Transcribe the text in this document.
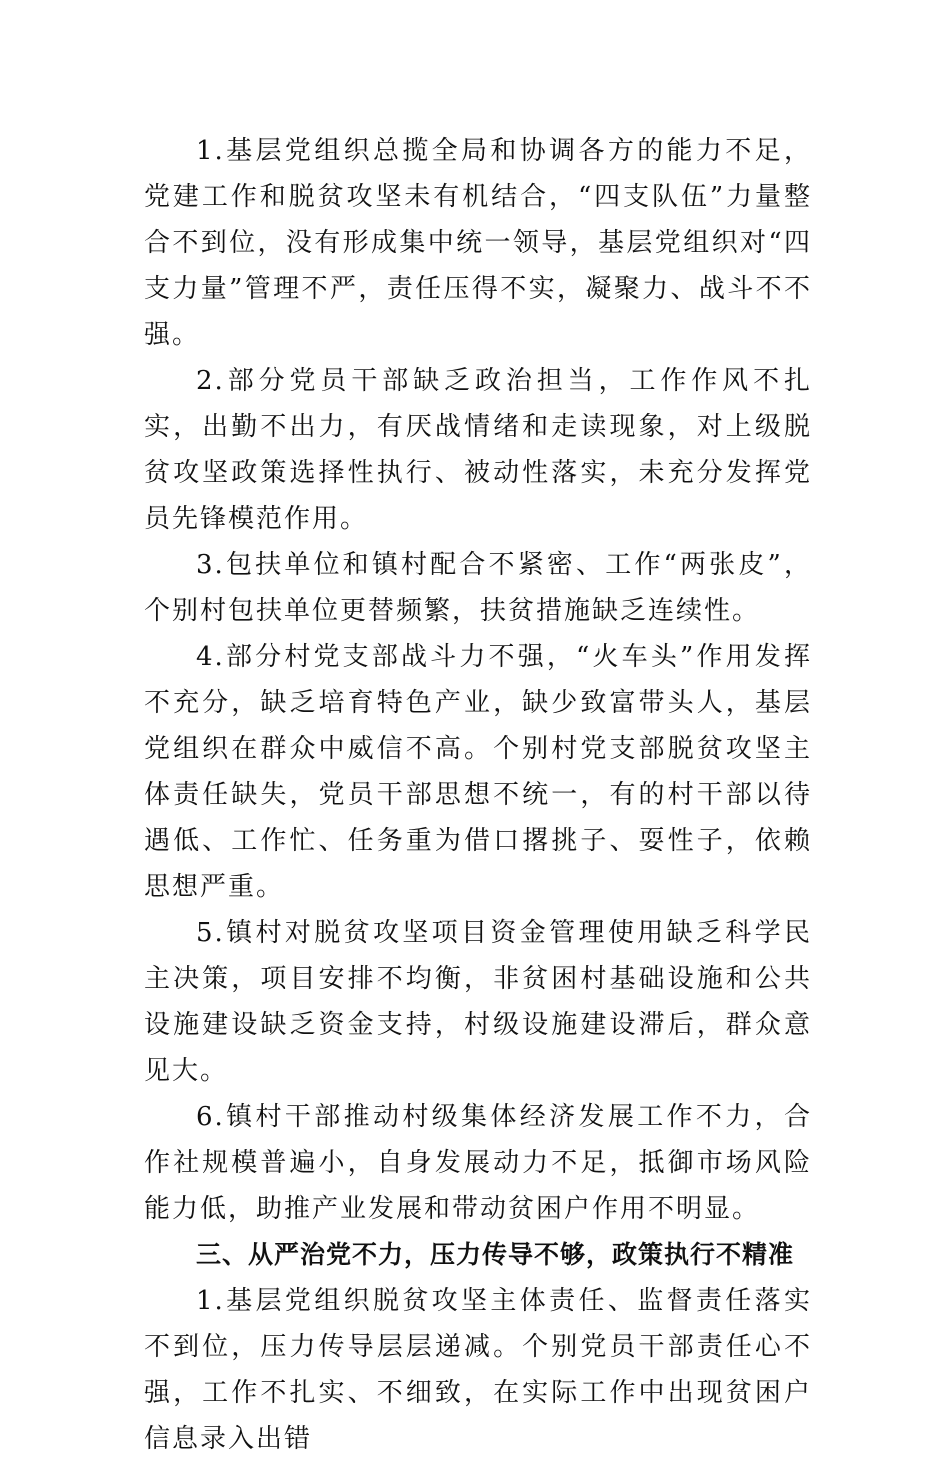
1.基层党组织总揽全局和协调各方的能力不足，党建工作和脱贫攻坚未有机结合，“四支队伍”力量整合不到位，没有形成集中统一领导，基层党组织对“四支力量”管理不严，责任压得不实，凝聚力、战斗不不强。

2.部分党员干部缺乏政治担当，工作作风不扎实，出勤不出力，有厌战情绪和走读现象，对上级脱贫攻坚政策选择性执行、被动性落实，未充分发挥党员先锋模范作用。

3.包扶单位和镇村配合不紧密、工作“两张皮”，个别村包扶单位更替频繁，扶贫措施缺乏连续性。

4.部分村党支部战斗力不强，“火车头”作用发挥不充分，缺乏培育特色产业，缺少致富带头人，基层党组织在群众中威信不高。个别村党支部脱贫攻坚主体责任缺失，党员干部思想不统一，有的村干部以待遇低、工作忙、任务重为借口撂挑子、耍性子，依赖思想严重。

5.镇村对脱贫攻坚项目资金管理使用缺乏科学民主决策，项目安排不均衡，非贫困村基础设施和公共设施建设缺乏资金支持，村级设施建设滞后，群众意见大。

6.镇村干部推动村级集体经济发展工作不力，合作社规模普遍小，自身发展动力不足，抵御市场风险能力低，助推产业发展和带动贫困户作用不明显。

三、从严治党不力，压力传导不够，政策执行不精准

1.基层党组织脱贫攻坚主体责任、监督责任落实不到位，压力传导层层递减。个别党员干部责任心不强，工作不扎实、不细致，在实际工作中出现贫困户信息录入出错
